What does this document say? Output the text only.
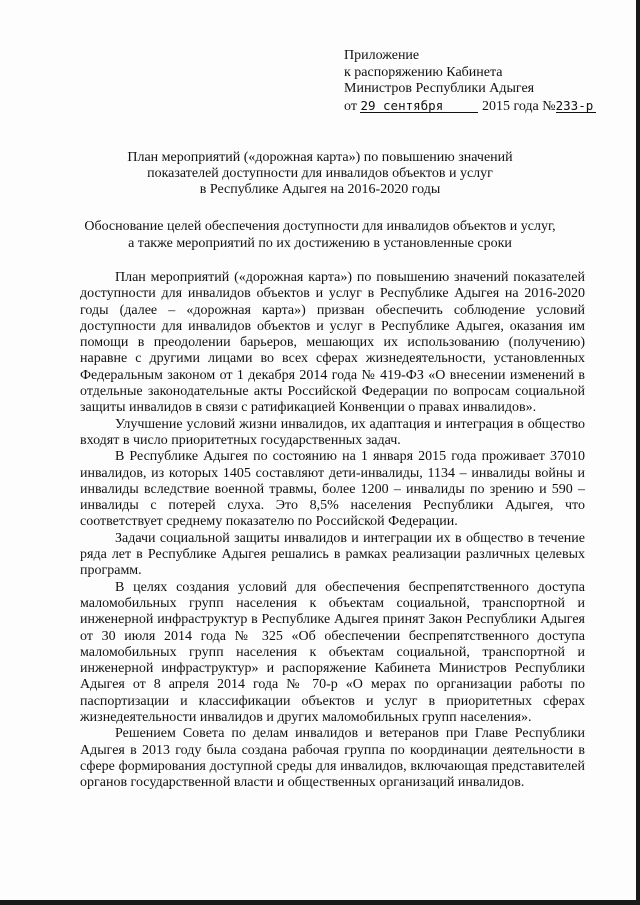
Приложение
к распоряжению Кабинета
Министров Республики Адыгея
от 29 сентября	2015 года №233-р
План мероприятий («дорожная карта») по повышению значений
показателей доступности для инвалидов объектов и услуг
в Республике Адыгея на 2016-2020 годы
Обоснование целей обеспечения доступности для инвалидов объектов и услуг,
а также мероприятий по их достижению в установленные сроки

План мероприятий («дорожная карта») по повышению значений показателей доступности для инвалидов объектов и услуг в Республике Адыгея на 2016-2020 годы (далее – «дорожная карта») призван обеспечить соблюдение условий доступности для инвалидов объектов и услуг в Республике Адыгея, оказания им помощи в преодолении барьеров, мешающих их использованию (получению) наравне с другими лицами во всех сферах жизнедеятельности, установленных Федеральным законом от 1 декабря 2014 года № 419-ФЗ «О внесении изменений в отдельные законодательные акты Российской Федерации по вопросам социальной защиты инвалидов в связи с ратификацией Конвенции о правах инвалидов».

Улучшение условий жизни инвалидов, их адаптация и интеграция в общество входят в число приоритетных государственных задач.

В Республике Адыгея по состоянию на 1 января 2015 года проживает 37010 инвалидов, из которых 1405 составляют дети-инвалиды, 1134 – инвалиды войны и инвалиды вследствие военной травмы, более 1200 – инвалиды по зрению и 590 – инвалиды с потерей слуха. Это 8,5% населения Республики Адыгея, что соответствует среднему показателю по Российской Федерации.

Задачи социальной защиты инвалидов и интеграции их в общество в течение ряда лет в Республике Адыгея решались в рамках реализации различных целевых программ.

В целях создания условий для обеспечения беспрепятственного доступа маломобильных групп населения к объектам социальной, транспортной и инженерной инфраструктур в Республике Адыгея принят Закон Республики Адыгея от 30 июля 2014 года № 325 «Об обеспечении беспрепятственного доступа маломобильных групп населения к объектам социальной, транспортной и инженерной инфраструктур» и распоряжение Кабинета Министров Республики Адыгея от 8 апреля 2014 года № 70-р «О мерах по организации работы по паспортизации и классификации объектов и услуг в приоритетных сферах жизнедеятельности инвалидов и других маломобильных групп населения».

Решением Совета по делам инвалидов и ветеранов при Главе Республики Адыгея в 2013 году была создана рабочая группа по координации деятельности в сфере формирования доступной среды для инвалидов, включающая представителей органов государственной власти и общественных организаций инвалидов.
